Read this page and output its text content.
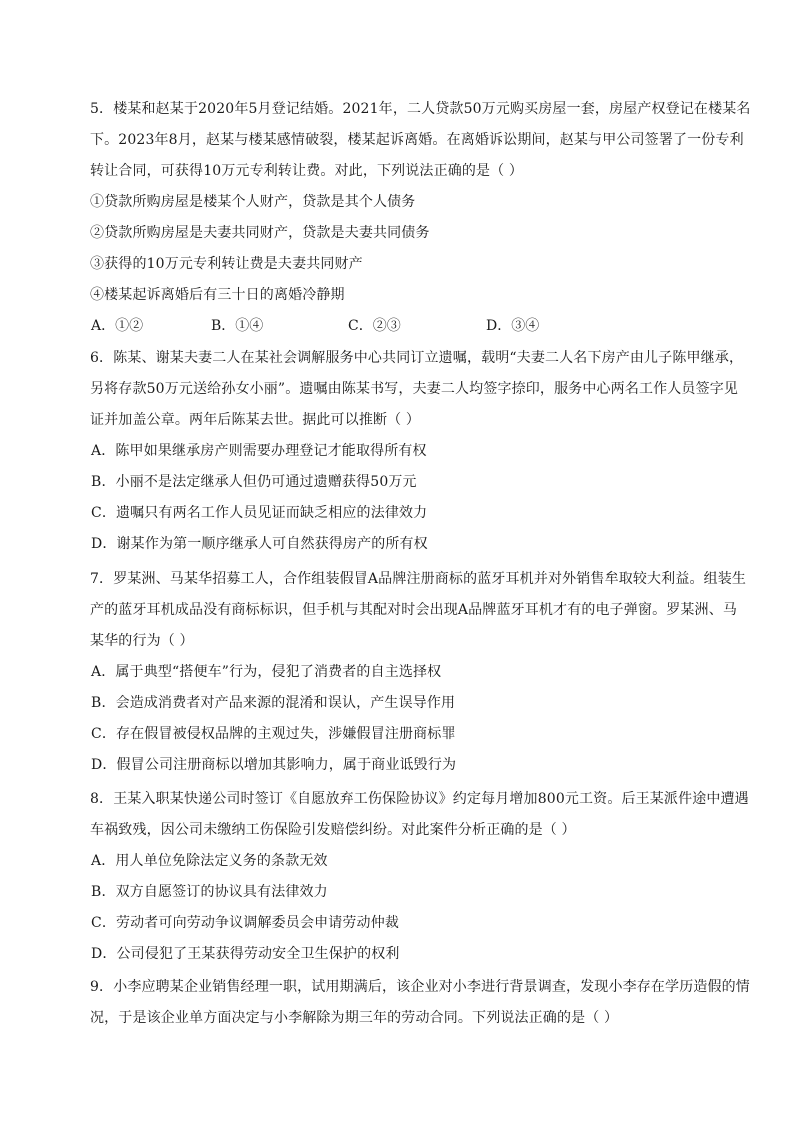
5．楼某和赵某于2020年5月登记结婚。2021年，二人贷款50万元购买房屋一套，房屋产权登记在楼某名
下。2023年8月，赵某与楼某感情破裂，楼某起诉离婚。在离婚诉讼期间，赵某与甲公司签署了一份专利
转让合同，可获得10万元专利转让费。对此，下列说法正确的是（ ）
①贷款所购房屋是楼某个人财产，贷款是其个人债务
②贷款所购房屋是夫妻共同财产，贷款是夫妻共同债务
③获得的10万元专利转让费是夫妻共同财产
④楼某起诉离婚后有三十日的离婚冷静期
A．①②	B．①④	C．②③	D．③④
6．陈某、谢某夫妻二人在某社会调解服务中心共同订立遗嘱，载明“夫妻二人名下房产由儿子陈甲继承，
另将存款50万元送给孙女小丽”。遗嘱由陈某书写，夫妻二人均签字捺印，服务中心两名工作人员签字见
证并加盖公章。两年后陈某去世。据此可以推断（ ）
A．陈甲如果继承房产则需要办理登记才能取得所有权
B．小丽不是法定继承人但仍可通过遗赠获得50万元
C．遗嘱只有两名工作人员见证而缺乏相应的法律效力
D．谢某作为第一顺序继承人可自然获得房产的所有权
7．罗某洲、马某华招募工人，合作组装假冒A品牌注册商标的蓝牙耳机并对外销售牟取较大利益。组装生
产的蓝牙耳机成品没有商标标识，但手机与其配对时会出现A品牌蓝牙耳机才有的电子弹窗。罗某洲、马
某华的行为（ ）
A．属于典型“搭便车”行为，侵犯了消费者的自主选择权
B．会造成消费者对产品来源的混淆和误认，产生误导作用
C．存在假冒被侵权品牌的主观过失，涉嫌假冒注册商标罪
D．假冒公司注册商标以增加其影响力，属于商业诋毁行为
8．王某入职某快递公司时签订《自愿放弃工伤保险协议》约定每月增加800元工资。后王某派件途中遭遇
车祸致残，因公司未缴纳工伤保险引发赔偿纠纷。对此案件分析正确的是（ ）
A．用人单位免除法定义务的条款无效
B．双方自愿签订的协议具有法律效力
C．劳动者可向劳动争议调解委员会申请劳动仲裁
D．公司侵犯了王某获得劳动安全卫生保护的权利
9．小李应聘某企业销售经理一职，试用期满后，该企业对小李进行背景调查，发现小李存在学历造假的情
况，于是该企业单方面决定与小李解除为期三年的劳动合同。下列说法正确的是（ ）
